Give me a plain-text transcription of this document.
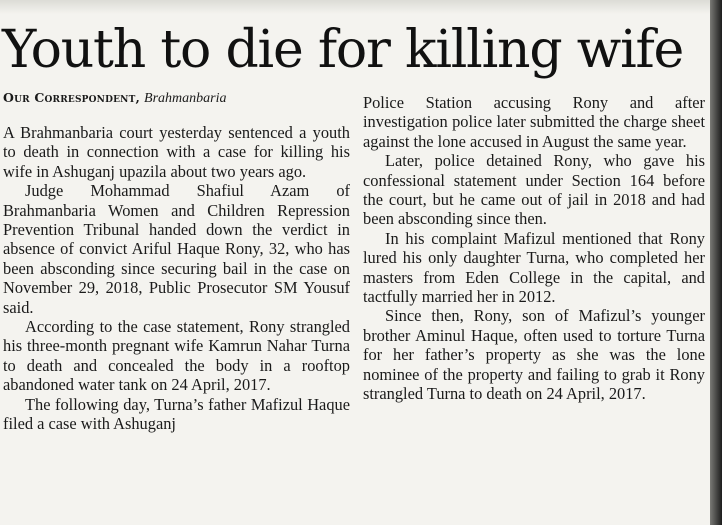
Youth to die for killing wife
Our Correspondent, Brahmanbaria

A Brahmanbaria court yesterday sentenced a youth to death in connection with a case for killing his wife in Ashuganj upazila about two years ago.

Judge Mohammad Shafiul Azam of Brahmanbaria Women and Children Repression Prevention Tribunal handed down the verdict in absence of convict Ariful Haque Rony, 32, who has been absconding since securing bail in the case on November 29, 2018, Public Prosecutor SM Yousuf said.

According to the case statement, Rony strangled his three-month pregnant wife Kamrun Nahar Turna to death and concealed the body in a rooftop abandoned water tank on 24 April, 2017.

The following day, Turna’s father Mafizul Haque filed a case with Ashuganj

Police Station accusing Rony and after investigation police later submitted the charge sheet against the lone accused in August the same year.

Later, police detained Rony, who gave his confessional statement under Section 164 before the court, but he came out of jail in 2018 and had been absconding since then.

In his complaint Mafizul mentioned that Rony lured his only daughter Turna, who completed her masters from Eden College in the capital, and tactfully married her in 2012.

Since then, Rony, son of Mafizul’s younger brother Aminul Haque, often used to torture Turna for her father’s property as she was the lone nominee of the property and failing to grab it Rony strangled Turna to death on 24 April, 2017.
